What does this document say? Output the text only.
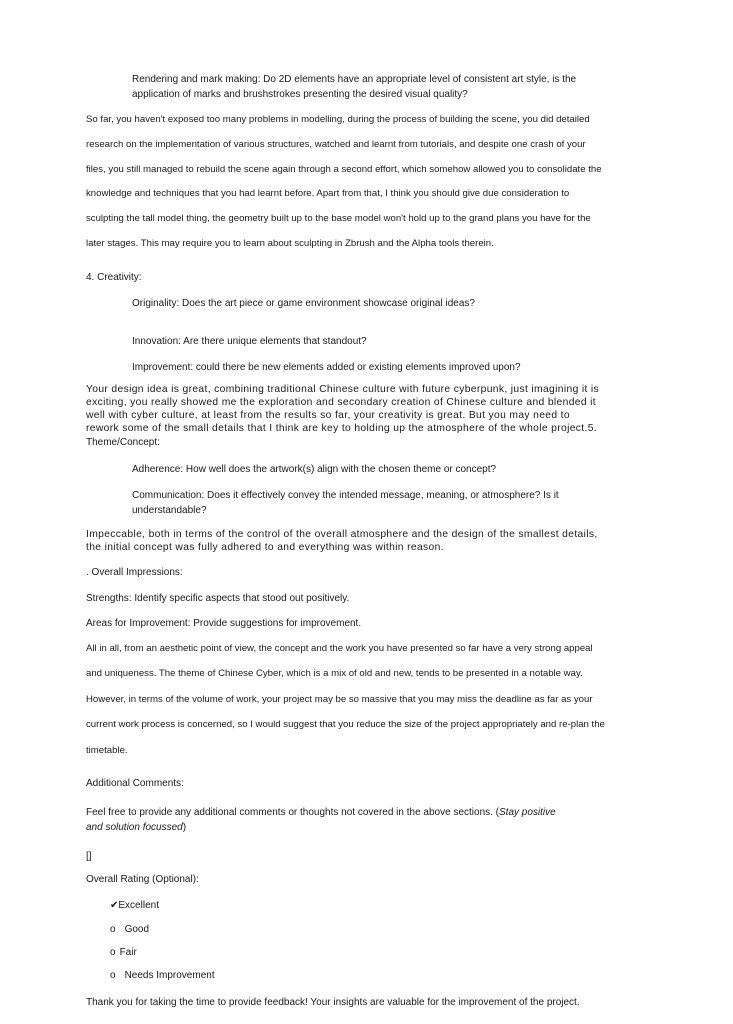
Rendering and mark making: Do 2D elements have an appropriate level of consistent art style, is the
application of marks and brushstrokes presenting the desired visual quality?
So far, you haven't exposed too many problems in modelling, during the process of building the scene, you did detailed
research on the implementation of various structures, watched and learnt from tutorials, and despite one crash of your
files, you still managed to rebuild the scene again through a second effort, which somehow allowed you to consolidate the
knowledge and techniques that you had learnt before. Apart from that, I think you should give due consideration to
sculpting the tall model thing, the geometry built up to the base model won't hold up to the grand plans you have for the
later stages. This may require you to learn about sculpting in Zbrush and the Alpha tools therein.
4. Creativity:
Originality: Does the art piece or game environment showcase original ideas?
Innovation: Are there unique elements that standout?
Improvement: could there be new elements added or existing elements improved upon?
Your design idea is great, combining traditional Chinese culture with future cyberpunk, just imagining it is
exciting, you really showed me the exploration and secondary creation of Chinese culture and blended it
well with cyber culture, at least from the results so far, your creativity is great. But you may need to
rework some of the small details that I think are key to holding up the atmosphere of the whole project.5.
Theme/Concept:
Adherence: How well does the artwork(s) align with the chosen theme or concept?
Communication: Does it effectively convey the intended message, meaning, or atmosphere? Is it
understandable?
Impeccable, both in terms of the control of the overall atmosphere and the design of the smallest details,
the initial concept was fully adhered to and everything was within reason.
. Overall Impressions:
Strengths: Identify specific aspects that stood out positively.
Areas for Improvement: Provide suggestions for improvement.
All in all, from an aesthetic point of view, the concept and the work you have presented so far have a very strong appeal
and uniqueness. The theme of Chinese Cyber, which is a mix of old and new, tends to be presented in a notable way.
However, in terms of the volume of work, your project may be so massive that you may miss the deadline as far as your
current work process is concerned, so I would suggest that you reduce the size of the project appropriately and re-plan the
timetable.
Additional Comments:
Feel free to provide any additional comments or thoughts not covered in the above sections. (Stay positive
and solution focussed)
[]
Overall Rating (Optional):
✔Excellent
o Good
o Fair
o Needs Improvement
Thank you for taking the time to provide feedback! Your insights are valuable for the improvement of the project.
